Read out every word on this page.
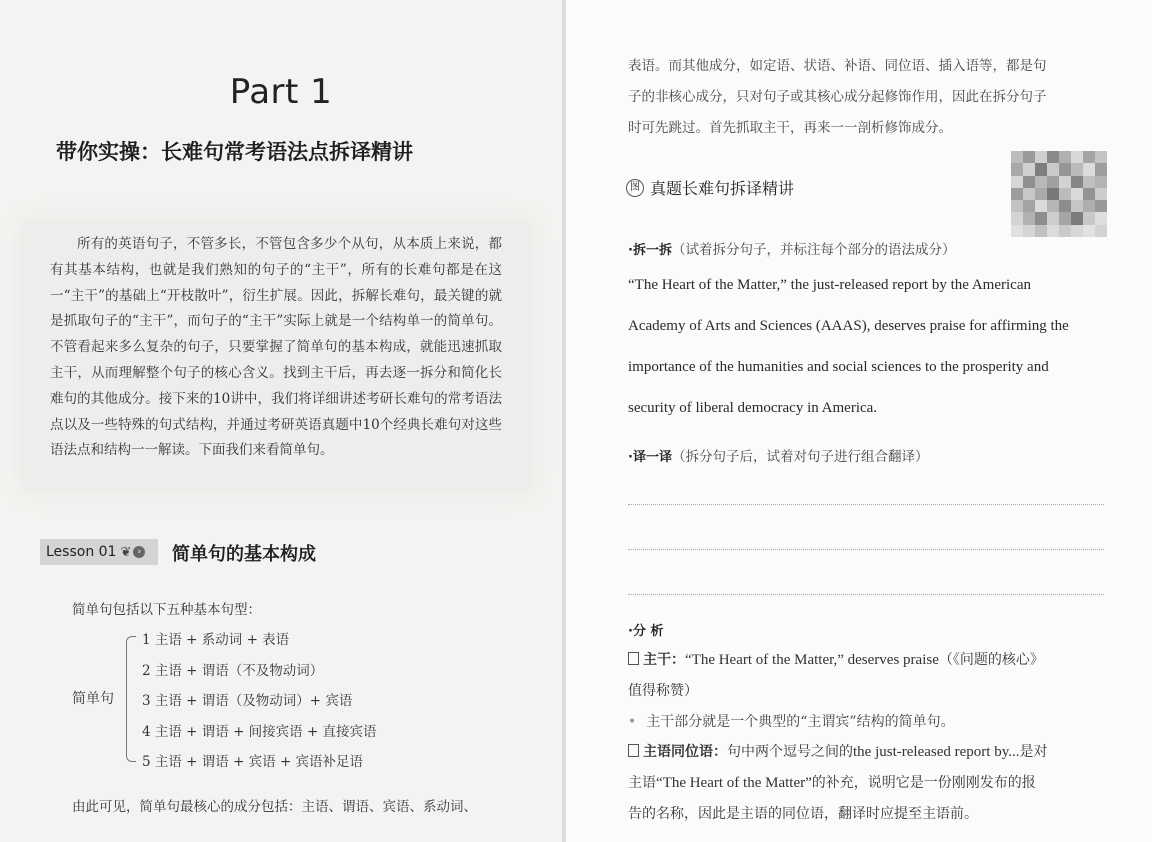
Part 1
带你实操：长难句常考语法点拆译精讲
所有的英语句子，不管多长，不管包含多少个从句，从本质上来说，都有其基本结构，也就是我们熟知的句子的“主干”，所有的长难句都是在这一“主干”的基础上“开枝散叶”，衍生扩展。因此，拆解长难句，最关键的就是抓取句子的“主干”，而句子的“主干”实际上就是一个结构单一的简单句。不管看起来多么复杂的句子，只要掌握了简单句的基本构成，就能迅速抓取主干，从而理解整个句子的核心含义。找到主干后，再去逐一拆分和简化长难句的其他成分。接下来的10讲中，我们将详细讲述考研长难句的常考语法点以及一些特殊的句式结构，并通过考研英语真题中10个经典长难句对这些语法点和结构一一解读。下面我们来看简单句。
Lesson 01 ❦ › 简单句的基本构成
简单句包括以下五种基本句型：
简单句
1 主语 + 系动词 + 表语
2 主语 + 谓语（不及物动词）
3 主语 + 谓语（及物动词）+ 宾语
4 主语 + 谓语 + 间接宾语 + 直接宾语
5 主语 + 谓语 + 宾语 + 宾语补足语
由此可见，简单句最核心的成分包括：主语、谓语、宾语、系动词、
表语。而其他成分，如定语、状语、补语、同位语、插入语等，都是句
子的非核心成分，只对句子或其核心成分起修饰作用，因此在拆分句子
时可先跳过。首先抓取主干，再来一一剖析修饰成分。
图 真题长难句拆译精讲
·拆一拆（试着拆分句子，并标注每个部分的语法成分）
“The Heart of the Matter,” the just-released report by the American
Academy of Arts and Sciences (AAAS), deserves praise for affirming the
importance of the humanities and social sciences to the prosperity and
security of liberal democracy in America.
·译一译（拆分句子后，试着对句子进行组合翻译）
·分 析
主干：“The Heart of the Matter,” deserves praise（《问题的核心》
值得称赞）
• 主干部分就是一个典型的“主谓宾”结构的简单句。
主语同位语：句中两个逗号之间的the just-released report by...是对
主语“The Heart of the Matter”的补充，说明它是一份刚刚发布的报
告的名称，因此是主语的同位语，翻译时应提至主语前。
